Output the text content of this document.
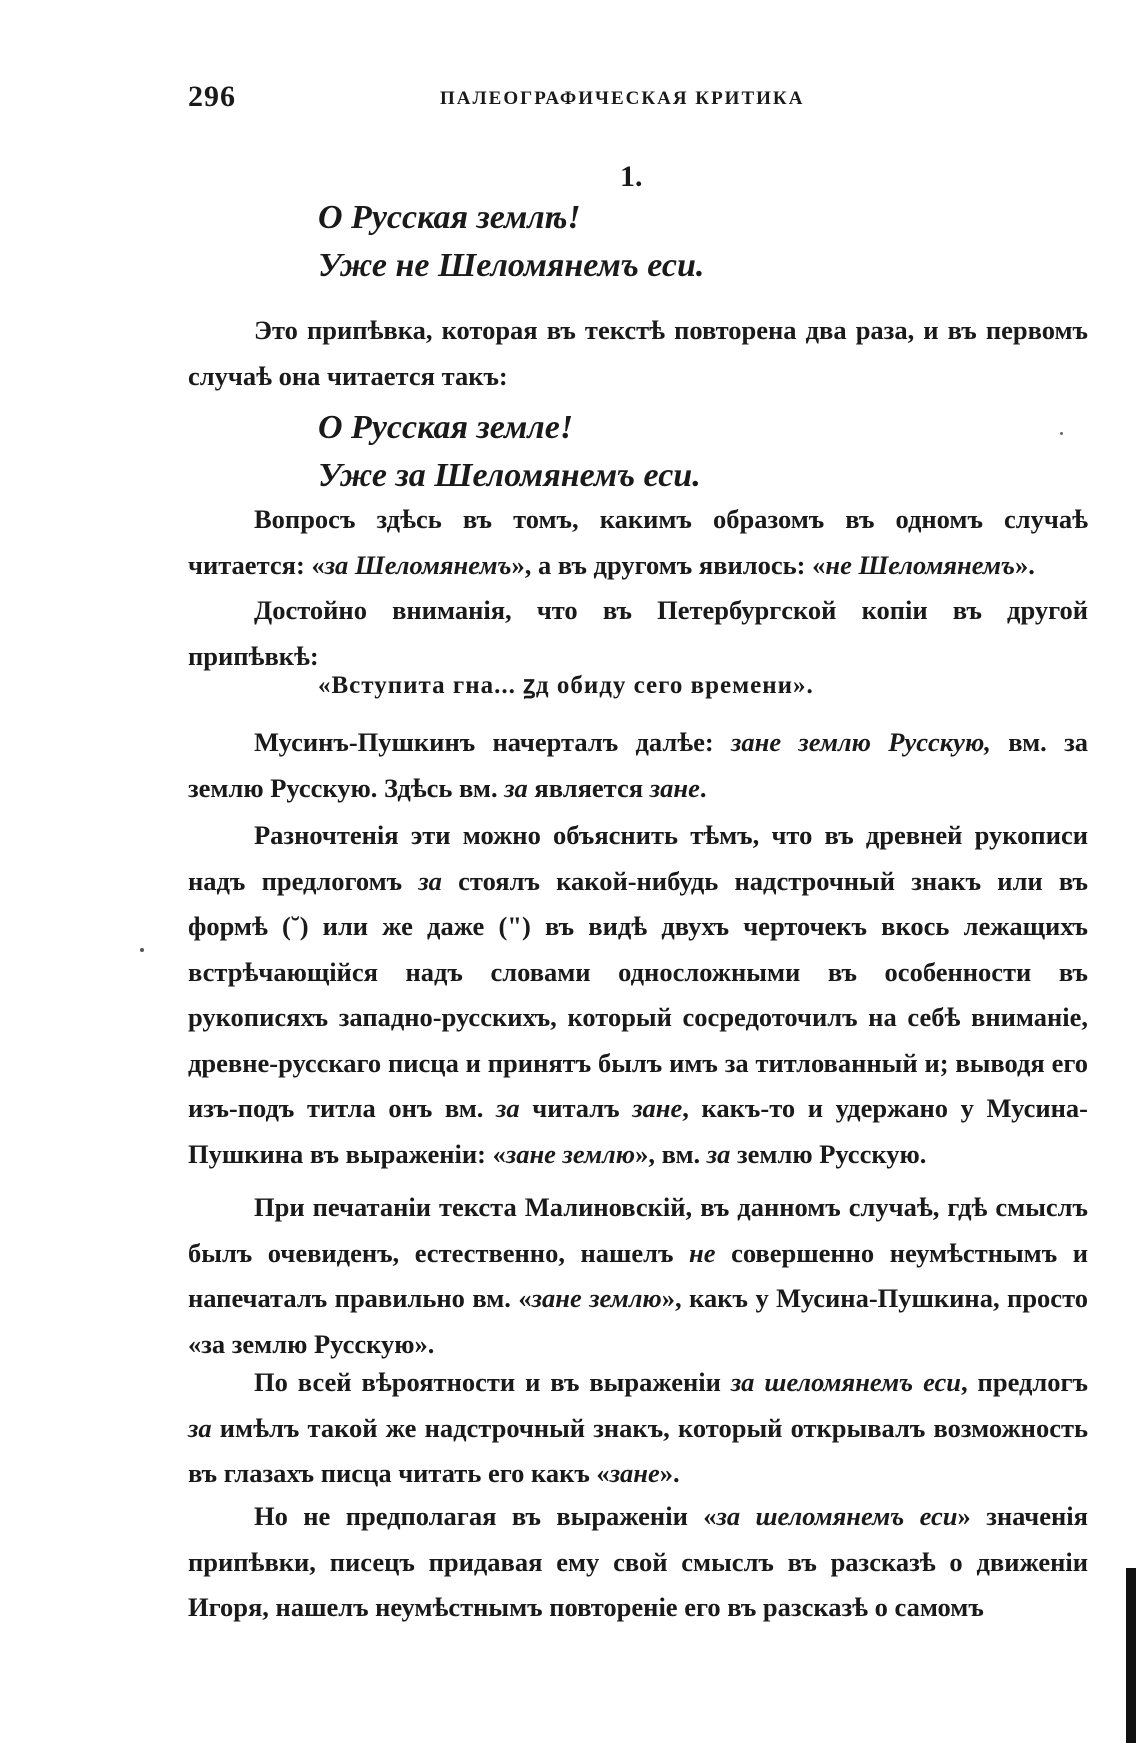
296	ПАЛЕОГРАФИЧЕСКАЯ КРИТИКА
1.
О Русская землѣ!
Уже не Шеломянемъ еси.

Это припѣвка, которая въ текстѣ повторена два раза, и въ первомъ случаѣ она читается такъ:

О Русская земле!
Уже за Шеломянемъ еси.

Вопросъ здѣсь въ томъ, какимъ образомъ въ одномъ случаѣ читается: «за Шеломянемъ», а въ другомъ явилось: «не Шеломянемъ».

Достойно вниманія, что въ Петербургской копіи въ другой припѣвкѣ:

«Вступита гна... ꙁд обиду сего времени».

Мусинъ-Пушкинъ начерталъ далѣе: зане землю Русскую, вм. за землю Русскую. Здѣсь вм. за является зане.

Разночтенія эти можно объяснить тѣмъ, что въ древней рукописи надъ предлогомъ за стоялъ какой-нибудь надстрочный знакъ или въ формѣ (˘) или же даже (") въ видѣ двухъ черточекъ вкось лежащихъ встрѣчающійся надъ словами односложными въ особенности въ рукописяхъ западно-русскихъ, который сосредоточилъ на себѣ вниманіе, древне-русскаго писца и принятъ былъ имъ за титлованный и; выводя его изъ-подъ титла онъ вм. за читалъ зане, какъ-то и удержано у Мусина-Пушкина въ выраженіи: «зане землю», вм. за землю Русскую.

При печатаніи текста Малиновскій, въ данномъ случаѣ, гдѣ смыслъ былъ очевиденъ, естественно, нашелъ не совершенно неумѣстнымъ и напечаталъ правильно вм. «зане землю», какъ у Мусина-Пушкина, просто «за землю Русскую».

По всей вѣроятности и въ выраженіи за шеломянемъ еси, предлогъ за имѣлъ такой же надстрочный знакъ, который открывалъ возможность въ глазахъ писца читать его какъ «зане».

Но не предполагая въ выраженіи «за шеломянемъ еси» значенія припѣвки, писецъ придавая ему свой смыслъ въ разсказѣ о движеніи Игоря, нашелъ неумѣстнымъ повтореніе его въ разсказѣ о самомъ
